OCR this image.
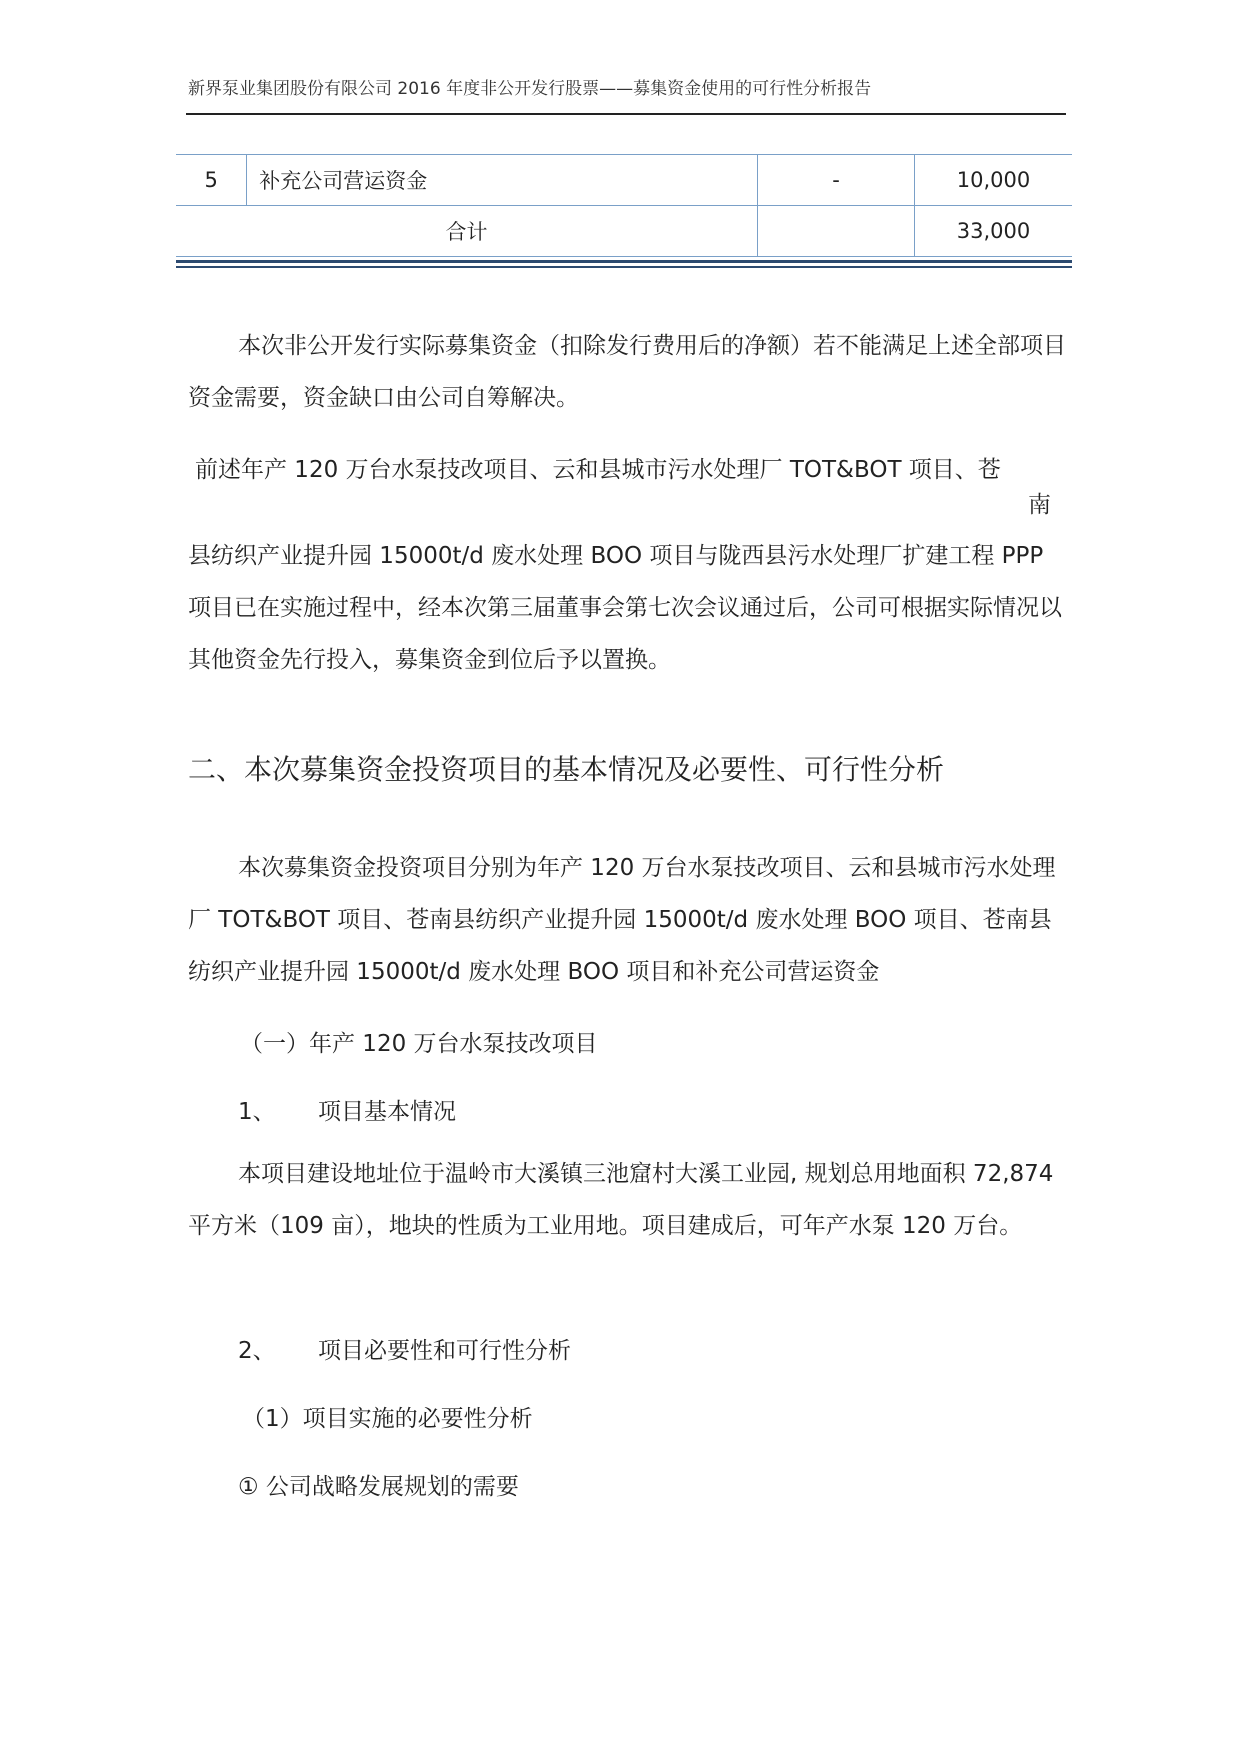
新界泵业集团股份有限公司 2016 年度非公开发行股票——募集资金使用的可行性分析报告
5	补充公司营运资金	-	10,000
合计			33,000

本次非公开发行实际募集资金（扣除发行费用后的净额）若不能满足上述全部项目资金需要，资金缺口由公司自筹解决。

前述年产 120 万台水泵技改项目、云和县城市污水处理厂 TOT&BOT 项目、苍

南

县纺织产业提升园 15000t/d 废水处理 BOO 项目与陇西县污水处理厂扩建工程 PPP 项目已在实施过程中，经本次第三届董事会第七次会议通过后，公司可根据实际情况以其他资金先行投入，募集资金到位后予以置换。

二、本次募集资金投资项目的基本情况及必要性、可行性分析

本次募集资金投资项目分别为年产 120 万台水泵技改项目、云和县城市污水处理厂 TOT&BOT 项目、苍南县纺织产业提升园 15000t/d 废水处理 BOO 项目、苍南县纺织产业提升园 15000t/d 废水处理 BOO 项目和补充公司营运资金

（一）年产 120 万台水泵技改项目

1、 项目基本情况

本项目建设地址位于温岭市大溪镇三池窟村大溪工业园, 规划总用地面积 72,874 平方米（109 亩），地块的性质为工业用地。项目建成后，可年产水泵 120 万台。

2、 项目必要性和可行性分析

（1）项目实施的必要性分析

① 公司战略发展规划的需要
